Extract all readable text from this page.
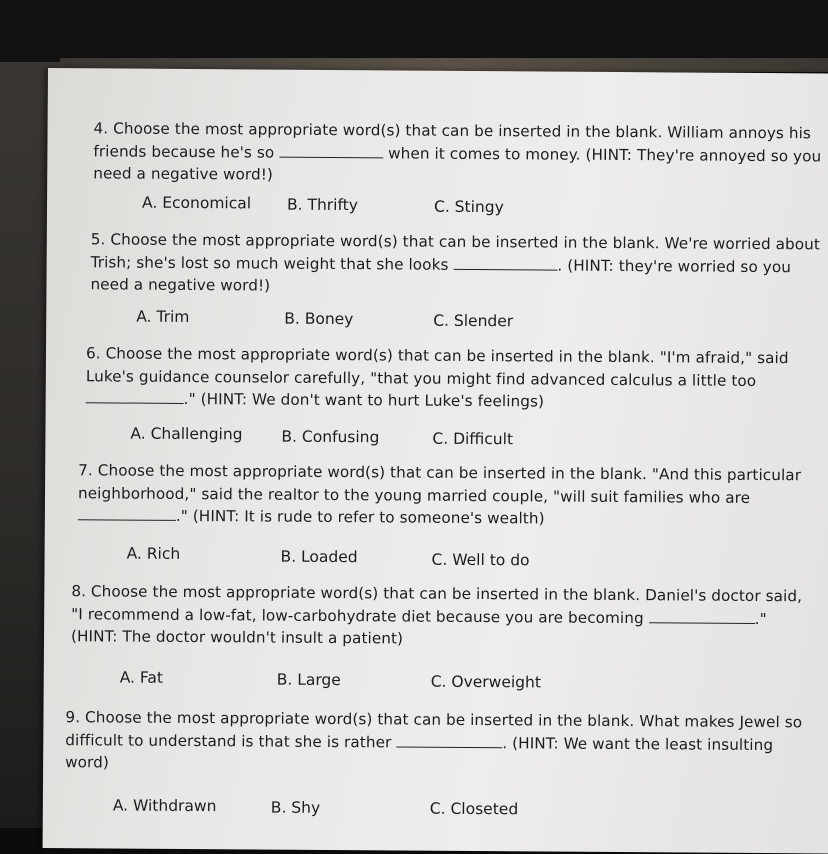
4. Choose the most appropriate word(s) that can be inserted in the blank. William annoys his
friends because he's so	when it comes to money. (HINT: They're annoyed so you
need a negative word!)
A. Economical B. Thrifty	C. Stingy
5. Choose the most appropriate word(s) that can be inserted in the blank. We're worried about
Trish; she's lost so much weight that she looks	. (HINT: they're worried so you
need a negative word!)
A. Trim	B. Boney	C. Slender
6. Choose the most appropriate word(s) that can be inserted in the blank. "I'm afraid," said
Luke's guidance counselor carefully, "that you might find advanced calculus a little too
." (HINT: We don't want to hurt Luke's feelings)
A. Challenging B. Confusing	C. Difficult
7. Choose the most appropriate word(s) that can be inserted in the blank. "And this particular
neighborhood," said the realtor to the young married couple, "will suit families who are
." (HINT: It is rude to refer to someone's wealth)
A. Rich	B. Loaded	C. Well to do
8. Choose the most appropriate word(s) that can be inserted in the blank. Daniel's doctor said,
"I recommend a low-fat, low-carbohydrate diet because you are becoming	."
(HINT: The doctor wouldn't insult a patient)
A. Fat	B. Large	C. Overweight
9. Choose the most appropriate word(s) that can be inserted in the blank. What makes Jewel so
difficult to understand is that she is rather	. (HINT: We want the least insulting
word)
A. Withdrawn	B. Shy	C. Closeted
